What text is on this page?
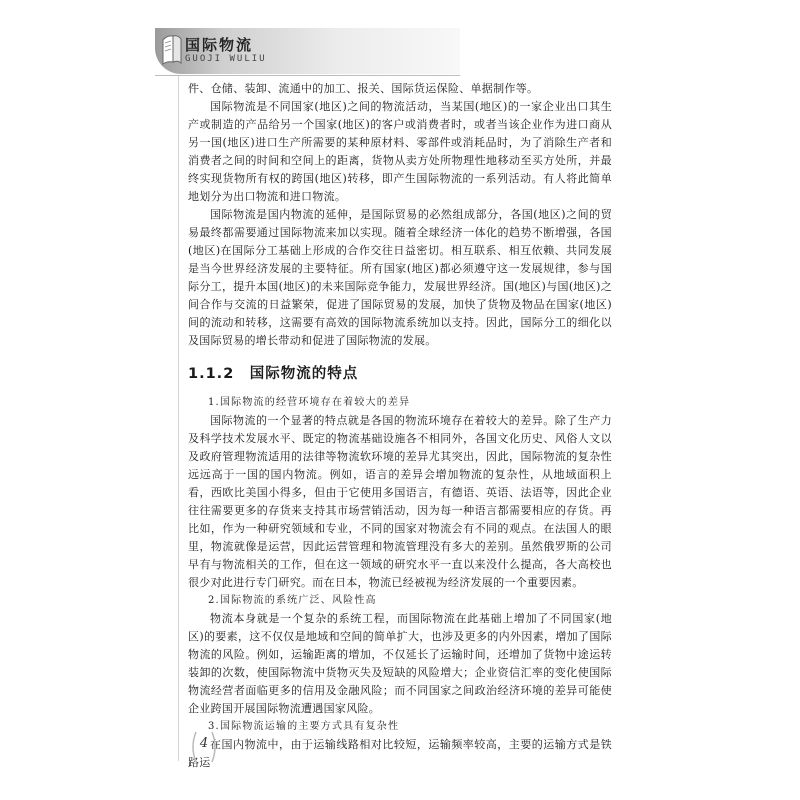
国际物流
GUOJI WULIU

件、仓储、装卸、流通中的加工、报关、国际货运保险、单据制作等。

国际物流是不同国家(地区)之间的物流活动，当某国(地区)的一家企业出口其生产或制造的产品给另一个国家(地区)的客户或消费者时，或者当该企业作为进口商从另一国(地区)进口生产所需要的某种原材料、零部件或消耗品时，为了消除生产者和消费者之间的时间和空间上的距离，货物从卖方处所物理性地移动至买方处所，并最终实现货物所有权的跨国(地区)转移，即产生国际物流的一系列活动。有人将此简单地划分为出口物流和进口物流。

国际物流是国内物流的延伸，是国际贸易的必然组成部分，各国(地区)之间的贸易最终都需要通过国际物流来加以实现。随着全球经济一体化的趋势不断增强，各国(地区)在国际分工基础上形成的合作交往日益密切。相互联系、相互依赖、共同发展是当今世界经济发展的主要特征。所有国家(地区)都必须遵守这一发展规律，参与国际分工，提升本国(地区)的未来国际竞争能力，发展世界经济。国(地区)与国(地区)之间合作与交流的日益繁荣，促进了国际贸易的发展，加快了货物及物品在国家(地区)间的流动和转移，这需要有高效的国际物流系统加以支持。因此，国际分工的细化以及国际贸易的增长带动和促进了国际物流的发展。

1.1.2　国际物流的特点

1.国际物流的经营环境存在着较大的差异

国际物流的一个显著的特点就是各国的物流环境存在着较大的差异。除了生产力及科学技术发展水平、既定的物流基础设施各不相同外，各国文化历史、风俗人文以及政府管理物流适用的法律等物流软环境的差异尤其突出，因此，国际物流的复杂性远远高于一国的国内物流。例如，语言的差异会增加物流的复杂性，从地域面积上看，西欧比美国小得多，但由于它使用多国语言，有德语、英语、法语等，因此企业往往需要更多的存货来支持其市场营销活动，因为每一种语言都需要相应的存货。再比如，作为一种研究领域和专业，不同的国家对物流会有不同的观点。在法国人的眼里，物流就像是运营，因此运营管理和物流管理没有多大的差别。虽然俄罗斯的公司早有与物流相关的工作，但在这一领域的研究水平一直以来没什么提高，各大高校也很少对此进行专门研究。而在日本，物流已经被视为经济发展的一个重要因素。

2.国际物流的系统广泛、风险性高

物流本身就是一个复杂的系统工程，而国际物流在此基础上增加了不同国家(地区)的要素，这不仅仅是地域和空间的简单扩大，也涉及更多的内外因素，增加了国际物流的风险。例如，运输距离的增加，不仅延长了运输时间，还增加了货物中途运转装卸的次数，使国际物流中货物灭失及短缺的风险增大；企业资信汇率的变化使国际物流经营者面临更多的信用及金融风险；而不同国家之间政治经济环境的差异可能使企业跨国开展国际物流遭遇国家风险。

3.国际物流运输的主要方式具有复杂性

在国内物流中，由于运输线路相对比较短，运输频率较高，主要的运输方式是铁路运

4
